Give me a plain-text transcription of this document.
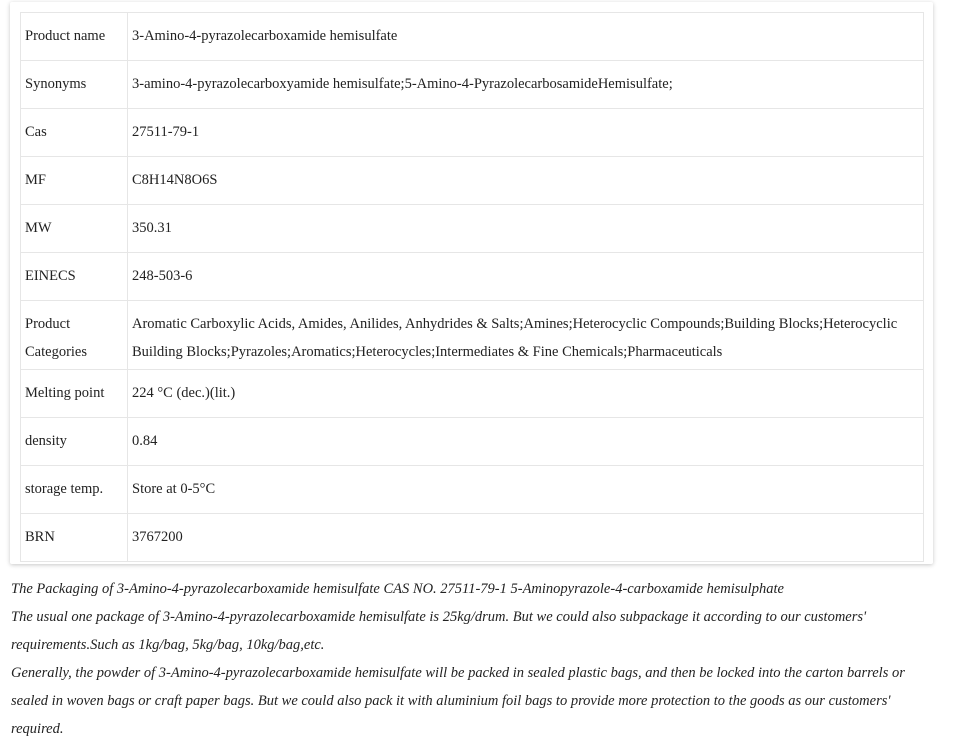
Product name	3-Amino-4-pyrazolecarboxamide hemisulfate
Synonyms	3-amino-4-pyrazolecarboxyamide hemisulfate;5-Amino-4-PyrazolecarbosamideHemisulfate;
Cas	27511-79-1
MF	C8H14N8O6S
MW	350.31
EINECS	248-503-6
Product Categories	Aromatic Carboxylic Acids, Amides, Anilides, Anhydrides & Salts;Amines;Heterocyclic Compounds;Building Blocks;Heterocyclic Building Blocks;Pyrazoles;Aromatics;Heterocycles;Intermediates & Fine Chemicals;Pharmaceuticals
Melting point	224 °C (dec.)(lit.)
density	0.84
storage temp.	Store at 0-5°C
BRN	3767200

The Packaging of 3-Amino-4-pyrazolecarboxamide hemisulfate CAS NO. 27511-79-1 5-Aminopyrazole-4-carboxamide hemisulphate

The usual one package of 3-Amino-4-pyrazolecarboxamide hemisulfate is 25kg/drum. But we could also subpackage it according to our customers' requirements.Such as 1kg/bag, 5kg/bag, 10kg/bag,etc.

Generally, the powder of 3-Amino-4-pyrazolecarboxamide hemisulfate will be packed in sealed plastic bags, and then be locked into the carton barrels or sealed in woven bags or craft paper bags. But we could also pack it with aluminium foil bags to provide more protection to the goods as our customers' required.
